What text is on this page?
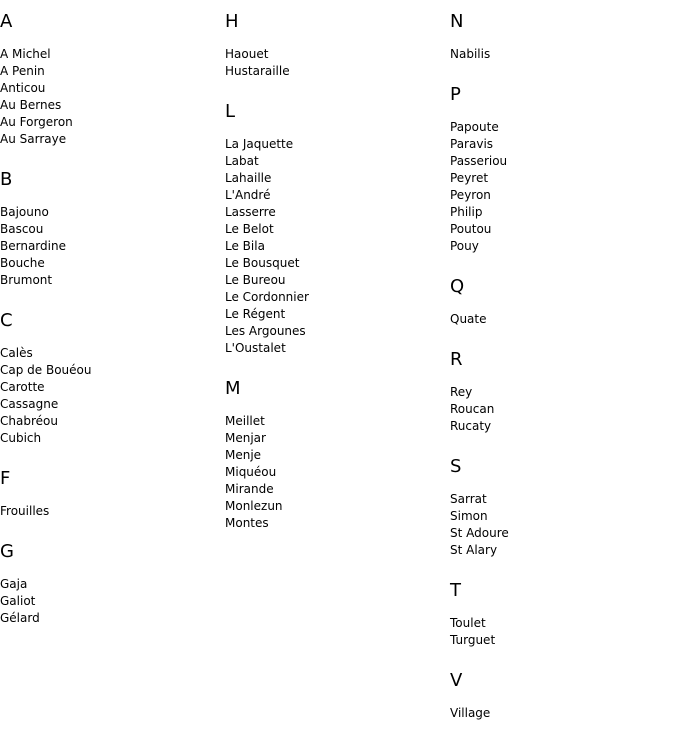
A
A Michel
A Penin
Anticou
Au Bernes
Au Forgeron
Au Sarraye
B
Bajouno
Bascou
Bernardine
Bouche
Brumont
C
Calès
Cap de Bouéou
Carotte
Cassagne
Chabréou
Cubich
F
Frouilles
G
Gaja
Galiot
Gélard
H
Haouet
Hustaraille
L
La Jaquette
Labat
Lahaille
L'André
Lasserre
Le Belot
Le Bila
Le Bousquet
Le Bureou
Le Cordonnier
Le Régent
Les Argounes
L'Oustalet
M
Meillet
Menjar
Menje
Miquéou
Mirande
Monlezun
Montes
N
Nabilis
P
Papoute
Paravis
Passeriou
Peyret
Peyron
Philip
Poutou
Pouy
Q
Quate
R
Rey
Roucan
Rucaty
S
Sarrat
Simon
St Adoure
St Alary
T
Toulet
Turguet
V
Village
